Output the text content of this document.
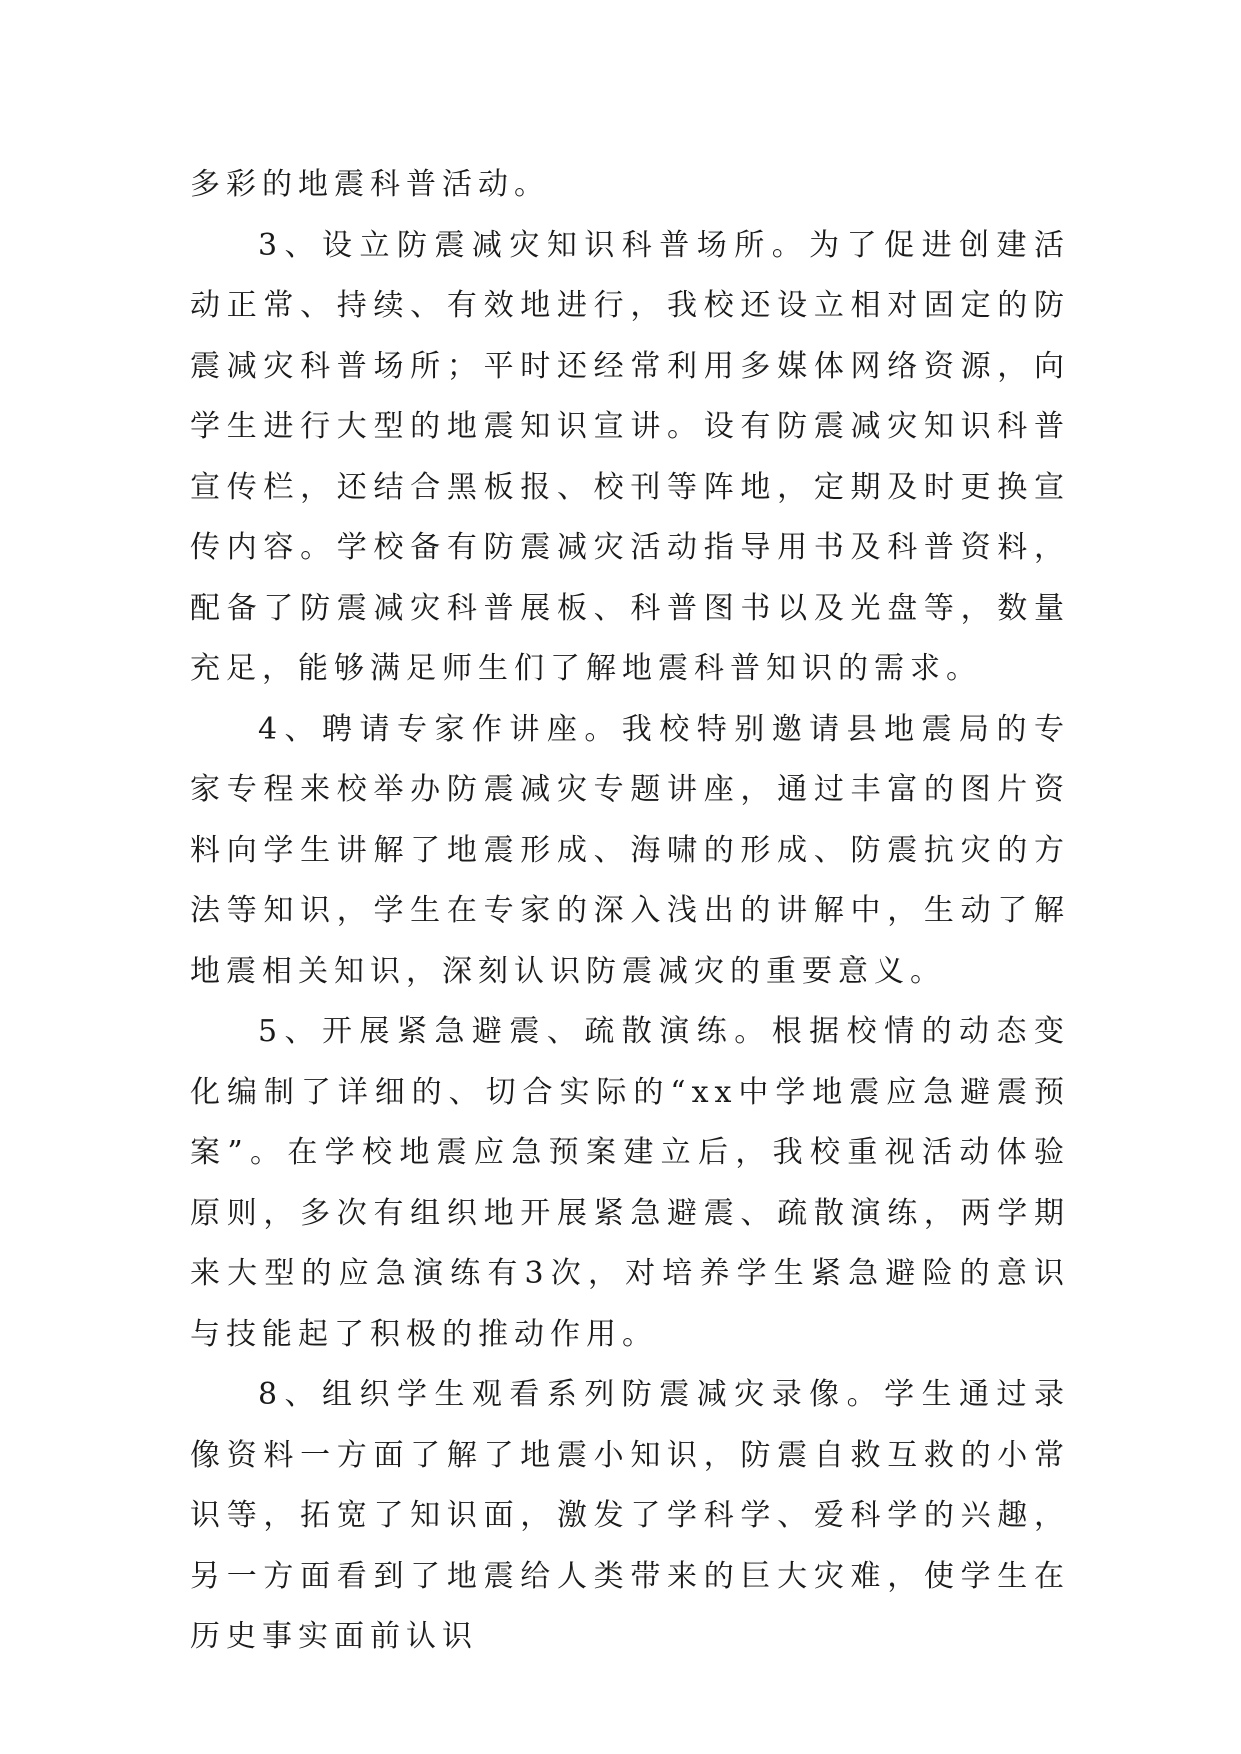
多彩的地震科普活动。

3、设立防震减灾知识科普场所。为了促进创建活动正常、持续、有效地进行，我校还设立相对固定的防震减灾科普场所；平时还经常利用多媒体网络资源，向学生进行大型的地震知识宣讲。设有防震减灾知识科普宣传栏，还结合黑板报、校刊等阵地，定期及时更换宣传内容。学校备有防震减灾活动指导用书及科普资料，配备了防震减灾科普展板、科普图书以及光盘等，数量充足，能够满足师生们了解地震科普知识的需求。

4、聘请专家作讲座。我校特别邀请县地震局的专家专程来校举办防震减灾专题讲座，通过丰富的图片资料向学生讲解了地震形成、海啸的形成、防震抗灾的方法等知识，学生在专家的深入浅出的讲解中，生动了解地震相关知识，深刻认识防震减灾的重要意义。

5、开展紧急避震、疏散演练。根据校情的动态变化编制了详细的、切合实际的“xx中学地震应急避震预案”。在学校地震应急预案建立后，我校重视活动体验原则，多次有组织地开展紧急避震、疏散演练，两学期来大型的应急演练有3次，对培养学生紧急避险的意识与技能起了积极的推动作用。

8、组织学生观看系列防震减灾录像。学生通过录像资料一方面了解了地震小知识，防震自救互救的小常识等，拓宽了知识面，激发了学科学、爱科学的兴趣，另一方面看到了地震给人类带来的巨大灾难，使学生在历史事实面前认识
